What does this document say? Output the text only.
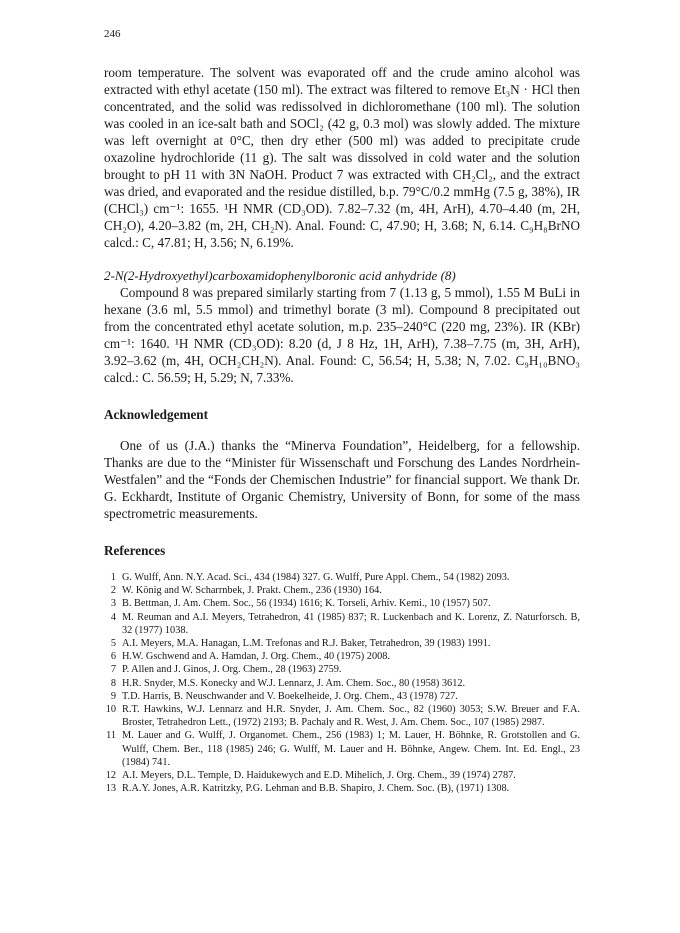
246

room temperature. The solvent was evaporated off and the crude amino alcohol was extracted with ethyl acetate (150 ml). The extract was filtered to remove Et₃N · HCl then concentrated, and the solid was redissolved in dichloromethane (100 ml). The solution was cooled in an ice-salt bath and SOCl₂ (42 g, 0.3 mol) was slowly added. The mixture was left overnight at 0°C, then dry ether (500 ml) was added to precipitate crude oxazoline hydrochloride (11 g). The salt was dissolved in cold water and the solution brought to pH 11 with 3N NaOH. Product 7 was extracted with CH₂Cl₂, and the extract was dried, and evaporated and the residue distilled, b.p. 79°C/0.2 mmHg (7.5 g, 38%), IR (CHCl₃) cm⁻¹: 1655. ¹H NMR (CD₃OD). 7.82–7.32 (m, 4H, ArH), 4.70–4.40 (m, 2H, CH₂O), 4.20–3.82 (m, 2H, CH₂N). Anal. Found: C, 47.90; H, 3.68; N, 6.14. C₉H₈BrNO calcd.: C, 47.81; H, 3.56; N, 6.19%.

2-N(2-Hydroxyethyl)carboxamidophenylboronic acid anhydride (8)

Compound 8 was prepared similarly starting from 7 (1.13 g, 5 mmol), 1.55 M BuLi in hexane (3.6 ml, 5.5 mmol) and trimethyl borate (3 ml). Compound 8 precipitated out from the concentrated ethyl acetate solution, m.p. 235–240°C (220 mg, 23%). IR (KBr) cm⁻¹: 1640. ¹H NMR (CD₃OD): 8.20 (d, J 8 Hz, 1H, ArH), 7.38–7.75 (m, 3H, ArH), 3.92–3.62 (m, 4H, OCH₂CH₂N). Anal. Found: C, 56.54; H, 5.38; N, 7.02. C₉H₁₀BNO₃ calcd.: C. 56.59; H, 5.29; N, 7.33%.

Acknowledgement

One of us (J.A.) thanks the “Minerva Foundation”, Heidelberg, for a fellowship. Thanks are due to the “Minister für Wissenschaft und Forschung des Landes Nordrhein-Westfalen” and the “Fonds der Chemischen Industrie” for financial support. We thank Dr. G. Eckhardt, Institute of Organic Chemistry, University of Bonn, for some of the mass spectrometric measurements.

References
1 G. Wulff, Ann. N.Y. Acad. Sci., 434 (1984) 327. G. Wulff, Pure Appl. Chem., 54 (1982) 2093.
2 W. König and W. Scharrnbek, J. Prakt. Chem., 236 (1930) 164.
3 B. Bettman, J. Am. Chem. Soc., 56 (1934) 1616; K. Torseli, Arhiv. Kemi., 10 (1957) 507.
4 M. Reuman and A.I. Meyers, Tetrahedron, 41 (1985) 837; R. Luckenbach and K. Lorenz, Z. Naturforsch. B, 32 (1977) 1038.
5 A.I. Meyers, M.A. Hanagan, L.M. Trefonas and R.J. Baker, Tetrahedron, 39 (1983) 1991.
6 H.W. Gschwend and A. Hamdan, J. Org. Chem., 40 (1975) 2008.
7 P. Allen and J. Ginos, J. Org. Chem., 28 (1963) 2759.
8 H.R. Snyder, M.S. Konecky and W.J. Lennarz, J. Am. Chem. Soc., 80 (1958) 3612.
9 T.D. Harris, B. Neuschwander and V. Boekelheide, J. Org. Chem., 43 (1978) 727.
10 R.T. Hawkins, W.J. Lennarz and H.R. Snyder, J. Am. Chem. Soc., 82 (1960) 3053; S.W. Breuer and F.A. Broster, Tetrahedron Lett., (1972) 2193; B. Pachaly and R. West, J. Am. Chem. Soc., 107 (1985) 2987.
11 M. Lauer and G. Wulff, J. Organomet. Chem., 256 (1983) 1; M. Lauer, H. Böhnke, R. Grotstollen and G. Wulff, Chem. Ber., 118 (1985) 246; G. Wulff, M. Lauer and H. Böhnke, Angew. Chem. Int. Ed. Engl., 23 (1984) 741.
12 A.I. Meyers, D.L. Temple, D. Haidukewych and E.D. Mihelich, J. Org. Chem., 39 (1974) 2787.
13 R.A.Y. Jones, A.R. Katritzky, P.G. Lehman and B.B. Shapiro, J. Chem. Soc. (B), (1971) 1308.
